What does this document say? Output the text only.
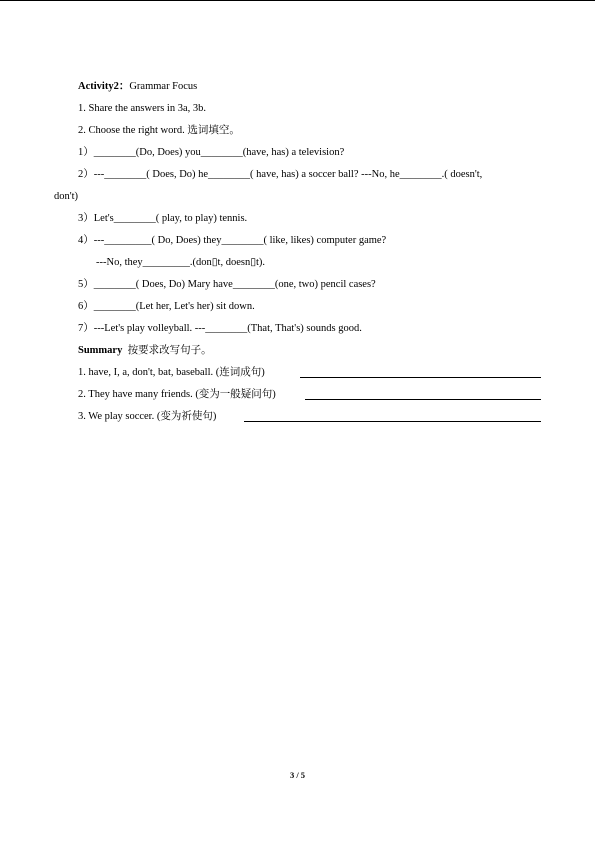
Activity2：Grammar Focus
1. Share the answers in 3a, 3b.
2. Choose the right word. 选词填空。
1）________(Do, Does) you________(have, has) a television?
2）---________( Does, Do) he________( have, has) a soccer ball? ---No, he________.( doesn't,
don't)
3）Let's________( play, to play) tennis.
4）---_________( Do, Does) they________( like, likes) computer game?
---No, they_________.(don▯t, doesn▯t).
5）________( Does, Do) Mary have________(one, two) pencil cases?
6）________(Let her, Let's her) sit down.
7）---Let's play volleyball. ---________(That, That's) sounds good.
Summary 按要求改写句子。
1. have, I, a, don't, bat, baseball. (连词成句)
2. They have many friends. (变为一般疑问句)
3. We play soccer. (变为祈使句)
3 / 5
